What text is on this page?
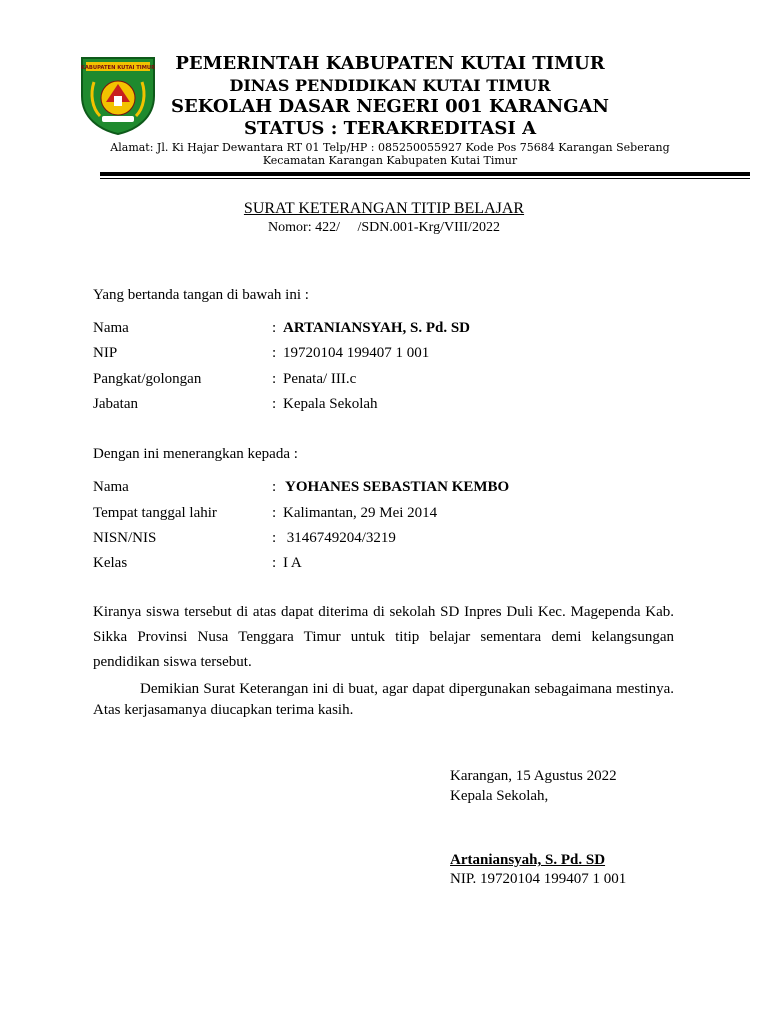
KABUPATEN KUTAI TIMUR	PEMERINTAH KABUPATEN KUTAI TIMUR
DINAS PENDIDIKAN KUTAI TIMUR
SEKOLAH DASAR NEGERI 001 KARANGAN
STATUS : TERAKREDITASI A
Alamat: Jl. Ki Hajar Dewantara RT 01 Telp/HP : 085250055927 Kode Pos 75684 Karangan Seberang
Kecamatan Karangan Kabupaten Kutai Timur
SURAT KETERANGAN TITIP BELAJAR
Nomor: 422/     /SDN.001-Krg/VIII/2022
Yang bertanda tangan di bawah ini :
Nama	: ARTANIANSYAH, S. Pd. SD
NIP	: 19720104 199407 1 001
Pangkat/golongan	: Penata/ III.c
Jabatan	: Kepala Sekolah
Dengan ini menerangkan kepada :
Nama	: YOHANES SEBASTIAN KEMBO
Tempat tanggal lahir	: Kalimantan, 29 Mei 2014
NISN/NIS	: 3146749204/3219
Kelas	: I A
Kiranya siswa tersebut di atas dapat diterima di sekolah SD Inpres Duli Kec. Magependa Kab. Sikka Provinsi Nusa Tenggara Timur untuk titip belajar sementara demi kelangsungan pendidikan siswa tersebut.
Demikian Surat Keterangan ini di buat, agar dapat dipergunakan sebagaimana mestinya. Atas kerjasamanya diucapkan terima kasih.
Karangan, 15 Agustus 2022
Kepala Sekolah,
Artaniansyah, S. Pd. SD
NIP. 19720104 199407 1 001
